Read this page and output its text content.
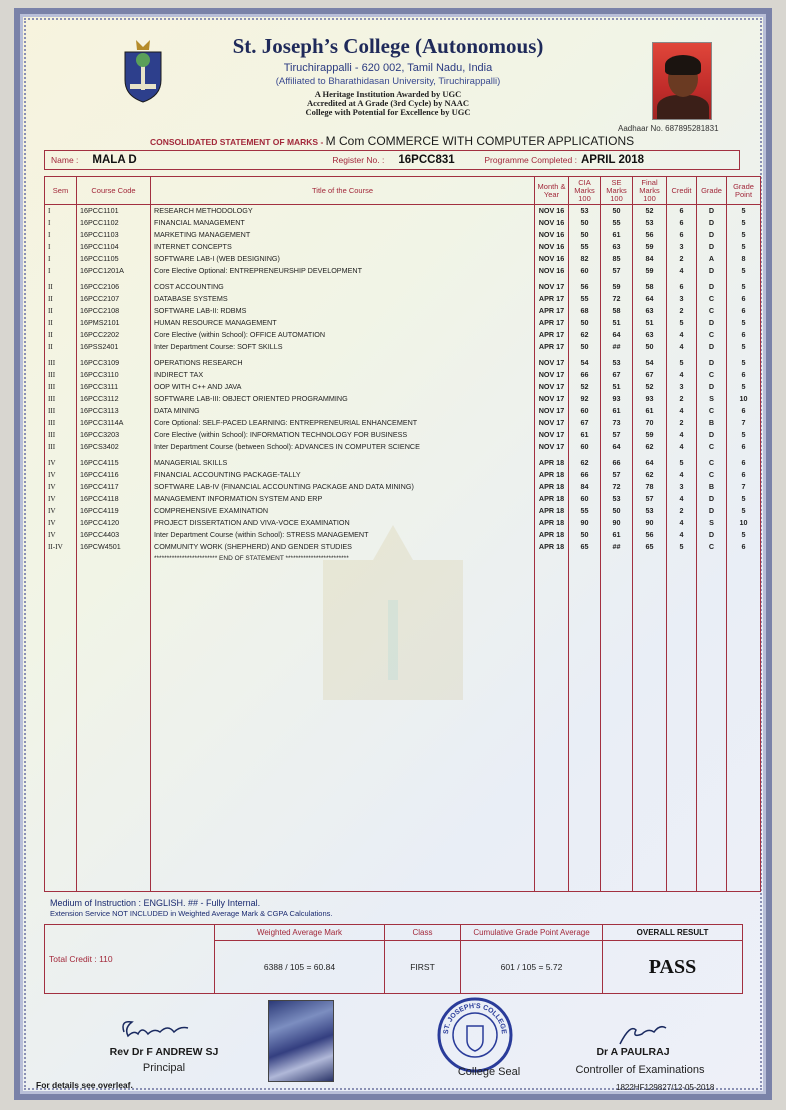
St. Joseph’s College (Autonomous)
Tiruchirappalli - 620 002, Tamil Nadu, India
(Affiliated to Bharathidasan University, Tiruchirappalli)
A Heritage Institution Awarded by UGC
Accredited at A Grade (3rd Cycle) by NAAC
College with Potential for Excellence by UGC
Aadhaar No. 687895281831
CONSOLIDATED STATEMENT OF MARKS - M Com COMMERCE WITH COMPUTER APPLICATIONS
Name : MALA D	Register No. : 16PCC831	Programme Completed : APRIL 2018
Sem	Course Code	Title of the Course	Month & Year	CIA Marks 100	SE Marks 100	Final Marks 100	Credit	Grade	Grade Point
I	16PCC1101	RESEARCH METHODOLOGY	NOV 16	53	50	52	6	D	5
I	16PCC1102	FINANCIAL MANAGEMENT	NOV 16	50	55	53	6	D	5
I	16PCC1103	MARKETING MANAGEMENT	NOV 16	50	61	56	6	D	5
I	16PCC1104	INTERNET CONCEPTS	NOV 16	55	63	59	3	D	5
I	16PCC1105	SOFTWARE LAB-I (WEB DESIGNING)	NOV 16	82	85	84	2	A	8
I	16PCC1201A	Core Elective Optional: ENTREPRENEURSHIP DEVELOPMENT	NOV 16	60	57	59	4	D	5

II	16PCC2106	COST ACCOUNTING	NOV 17	56	59	58	6	D	5
II	16PCC2107	DATABASE SYSTEMS	APR 17	55	72	64	3	C	6
II	16PCC2108	SOFTWARE LAB-II: RDBMS	APR 17	68	58	63	2	C	6
II	16PMS2101	HUMAN RESOURCE MANAGEMENT	APR 17	50	51	51	5	D	5
II	16PCC2202	Core Elective (within School): OFFICE AUTOMATION	APR 17	62	64	63	4	C	6
II	16PSS2401	Inter Department Course: SOFT SKILLS	APR 17	50	##	50	4	D	5

III	16PCC3109	OPERATIONS RESEARCH	NOV 17	54	53	54	5	D	5
III	16PCC3110	INDIRECT TAX	NOV 17	66	67	67	4	C	6
III	16PCC3111	OOP WITH C++ AND JAVA	NOV 17	52	51	52	3	D	5
III	16PCC3112	SOFTWARE LAB-III: OBJECT ORIENTED PROGRAMMING	NOV 17	92	93	93	2	S	10
III	16PCC3113	DATA MINING	NOV 17	60	61	61	4	C	6
III	16PCC3114A	Core Optional: SELF-PACED LEARNING: ENTREPRENEURIAL ENHANCEMENT	NOV 17	67	73	70	2	B	7
III	16PCC3203	Core Elective (within School): INFORMATION TECHNOLOGY FOR BUSINESS	NOV 17	61	57	59	4	D	5
III	16PCS3402	Inter Department Course (between School): ADVANCES IN COMPUTER SCIENCE	NOV 17	60	64	62	4	C	6

IV	16PCC4115	MANAGERIAL SKILLS	APR 18	62	66	64	5	C	6
IV	16PCC4116	FINANCIAL ACCOUNTING PACKAGE-TALLY	APR 18	66	57	62	4	C	6
IV	16PCC4117	SOFTWARE LAB-IV (FINANCIAL ACCOUNTING PACKAGE AND DATA MINING)	APR 18	84	72	78	3	B	7
IV	16PCC4118	MANAGEMENT INFORMATION SYSTEM AND ERP	APR 18	60	53	57	4	D	5
IV	16PCC4119	COMPREHENSIVE EXAMINATION	APR 18	55	50	53	2	D	5
IV	16PCC4120	PROJECT DISSERTATION AND VIVA-VOCE EXAMINATION	APR 18	90	90	90	4	S	10
IV	16PCC4403	Inter Department Course (within School): STRESS MANAGEMENT	APR 18	50	61	56	4	D	5
II-IV	16PCW4501	COMMUNITY WORK (SHEPHERD) AND GENDER STUDIES	APR 18	65	##	65	5	C	6
		************************* END OF STATEMENT *************************							

Medium of Instruction : ENGLISH. ## - Fully Internal.
Extension Service NOT INCLUDED in Weighted Average Mark & CGPA Calculations.
Total Credit : 110	Weighted Average Mark	Class	Cumulative Grade Point Average	OVERALL RESULT
	6388 / 105 = 60.84	FIRST	601 / 105 = 5.72	PASS
ST. JOSEPH'S COLLEGE
Rev Dr F ANDREW SJ
Principal	College Seal
Dr A PAULRAJ
Controller of Examinations
For details see overleaf.	1822HF129827/12-05-2018
